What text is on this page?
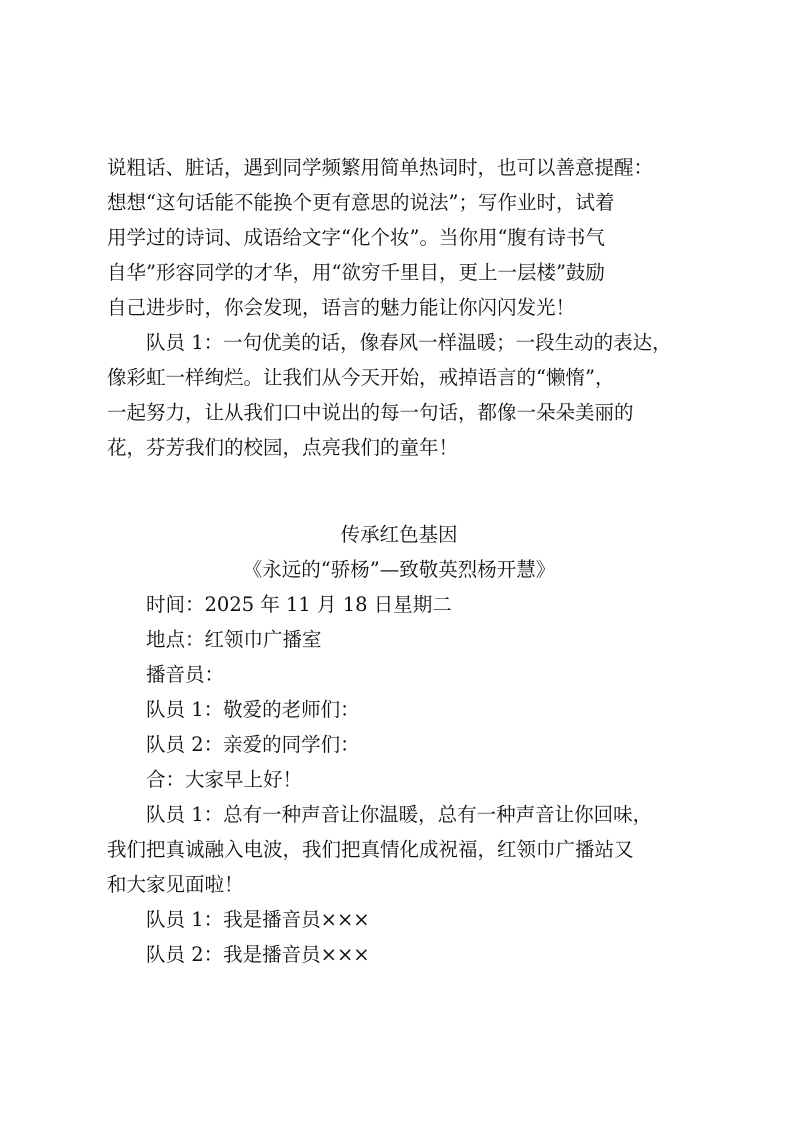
说粗话、脏话，遇到同学频繁用简单热词时，也可以善意提醒：
想想“这句话能不能换个更有意思的说法”；写作业时，试着
用学过的诗词、成语给文字“化个妆”。当你用“腹有诗书气
自华”形容同学的才华，用“欲穷千里目，更上一层楼”鼓励
自己进步时，你会发现，语言的魅力能让你闪闪发光！
队员 1：一句优美的话，像春风一样温暖；一段生动的表达，
像彩虹一样绚烂。让我们从今天开始，戒掉语言的“懒惰”，
一起努力，让从我们口中说出的每一句话，都像一朵朵美丽的
花，芬芳我们的校园，点亮我们的童年！
传承红色基因
《永远的“骄杨”—致敬英烈杨开慧》
时间：2025 年 11 月 18 日星期二
地点：红领巾广播室
播音员：
队员 1：敬爱的老师们：
队员 2：亲爱的同学们：
合：大家早上好！
队员 1：总有一种声音让你温暖，总有一种声音让你回味，
我们把真诚融入电波，我们把真情化成祝福，红领巾广播站又
和大家见面啦！
队员 1：我是播音员×××
队员 2：我是播音员×××
